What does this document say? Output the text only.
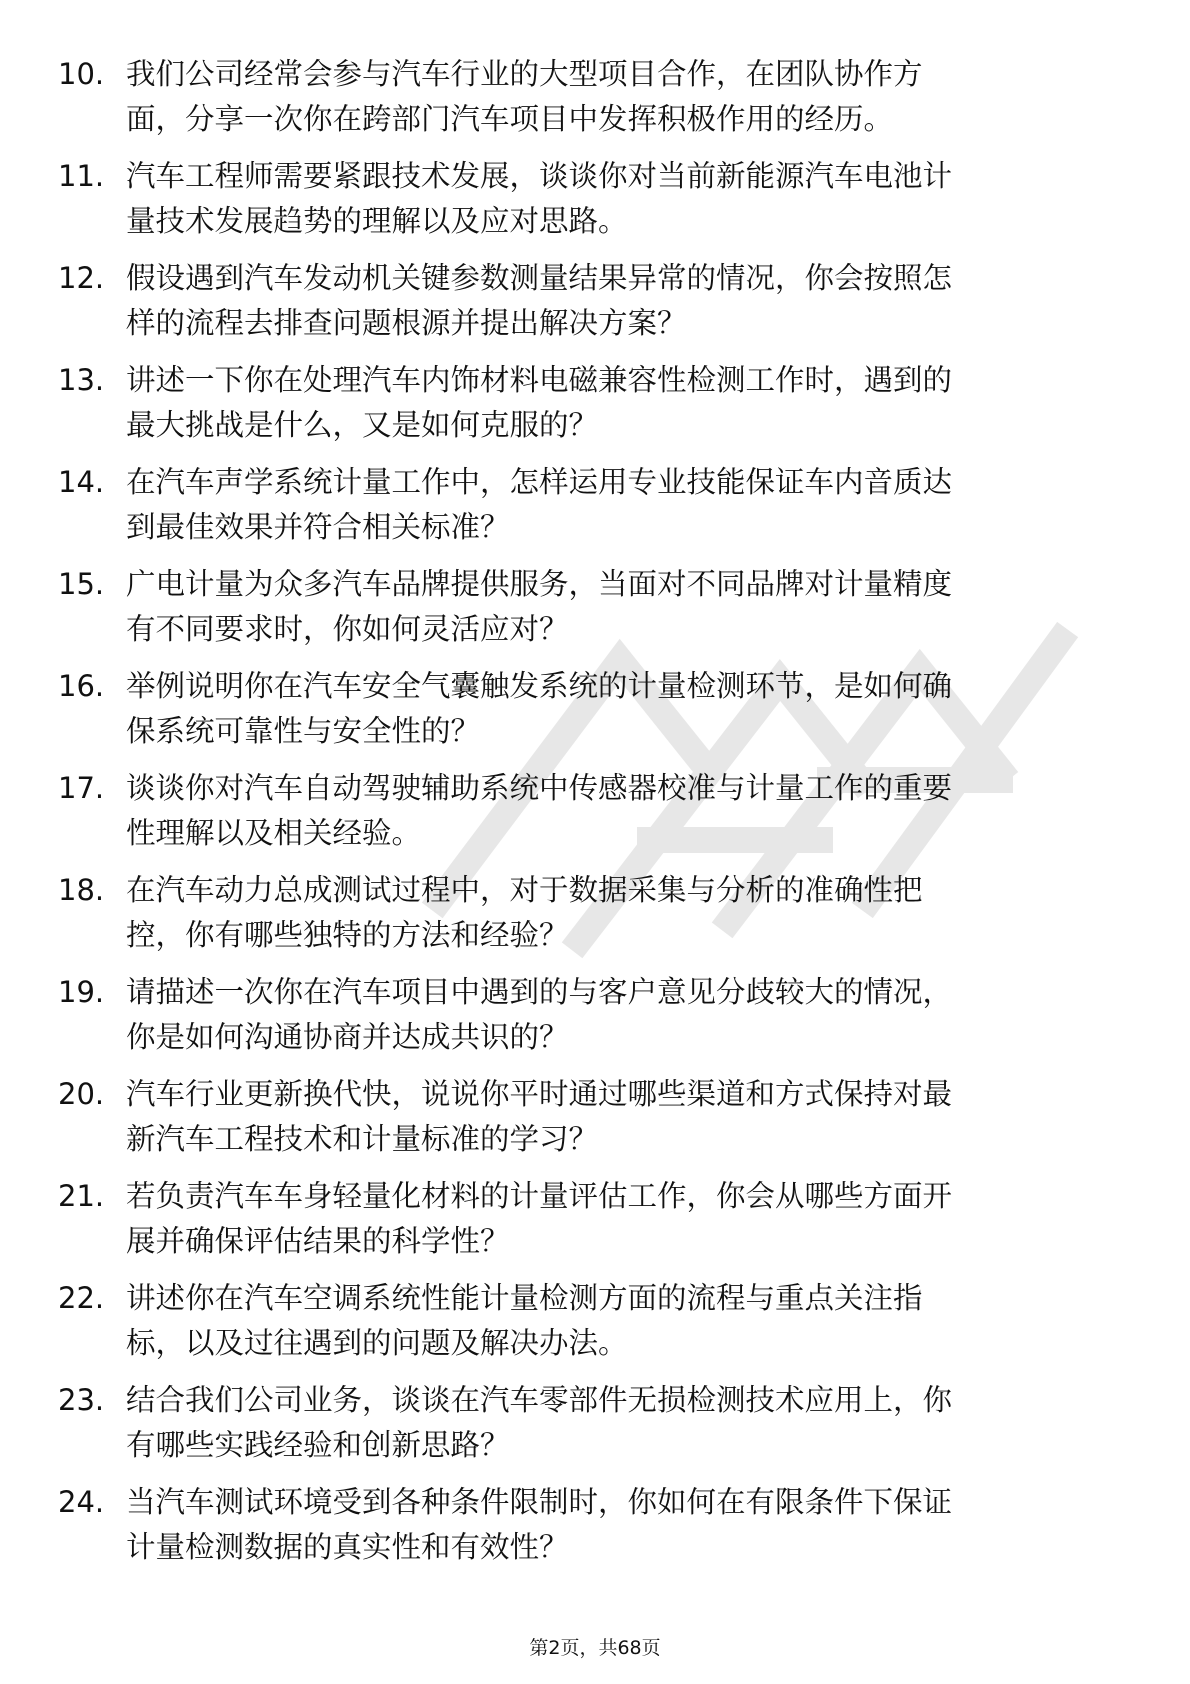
10. 我们公司经常会参与汽车行业的大型项目合作，在团队协作方
面，分享一次你在跨部门汽车项目中发挥积极作用的经历。
11. 汽车工程师需要紧跟技术发展，谈谈你对当前新能源汽车电池计
量技术发展趋势的理解以及应对思路。
12. 假设遇到汽车发动机关键参数测量结果异常的情况，你会按照怎
样的流程去排查问题根源并提出解决方案？
13. 讲述一下你在处理汽车内饰材料电磁兼容性检测工作时，遇到的
最大挑战是什么，又是如何克服的？
14. 在汽车声学系统计量工作中，怎样运用专业技能保证车内音质达
到最佳效果并符合相关标准？
15. 广电计量为众多汽车品牌提供服务，当面对不同品牌对计量精度
有不同要求时，你如何灵活应对？
16. 举例说明你在汽车安全气囊触发系统的计量检测环节，是如何确
保系统可靠性与安全性的？
17. 谈谈你对汽车自动驾驶辅助系统中传感器校准与计量工作的重要
性理解以及相关经验。
18. 在汽车动力总成测试过程中，对于数据采集与分析的准确性把
控，你有哪些独特的方法和经验？
19. 请描述一次你在汽车项目中遇到的与客户意见分歧较大的情况，
你是如何沟通协商并达成共识的？
20. 汽车行业更新换代快，说说你平时通过哪些渠道和方式保持对最
新汽车工程技术和计量标准的学习？
21. 若负责汽车车身轻量化材料的计量评估工作，你会从哪些方面开
展并确保评估结果的科学性？
22. 讲述你在汽车空调系统性能计量检测方面的流程与重点关注指
标，以及过往遇到的问题及解决办法。
23. 结合我们公司业务，谈谈在汽车零部件无损检测技术应用上，你
有哪些实践经验和创新思路？
24. 当汽车测试环境受到各种条件限制时，你如何在有限条件下保证
计量检测数据的真实性和有效性？
第2页，共68页
